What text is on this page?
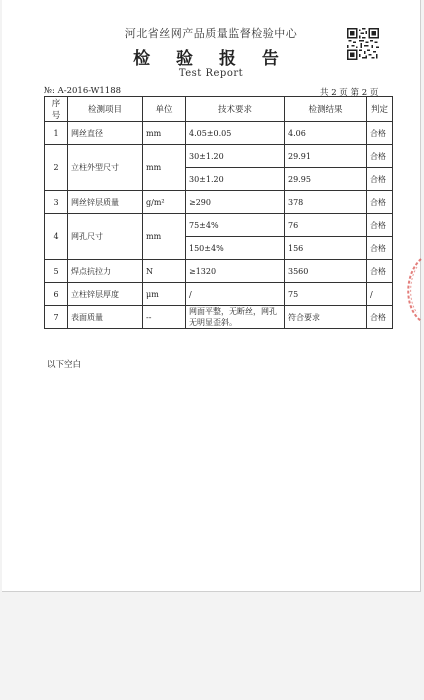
河北省丝网产品质量监督检验中心
检 验 报 告
Test Report
№: A-2016-W1188	共 2 页 第 2 页
序号	检测项目	单位	技术要求	检测结果	判定
1	网丝直径	mm	4.05±0.05	4.06	合格
2	立柱外型尺寸	mm	30±1.20	29.91	合格
			30±1.20	29.95	合格
3	网丝锌层质量	g/m²	≥290	378	合格
4	网孔尺寸	mm	75±4%	76	合格
			150±4%	156	合格
5	焊点抗拉力	N	≥1320	3560	合格
6	立柱锌层厚度	μm	/	75	/
7	表面质量	--	网面平整，无断丝，网孔无明显歪斜。	符合要求	合格
以下空白
